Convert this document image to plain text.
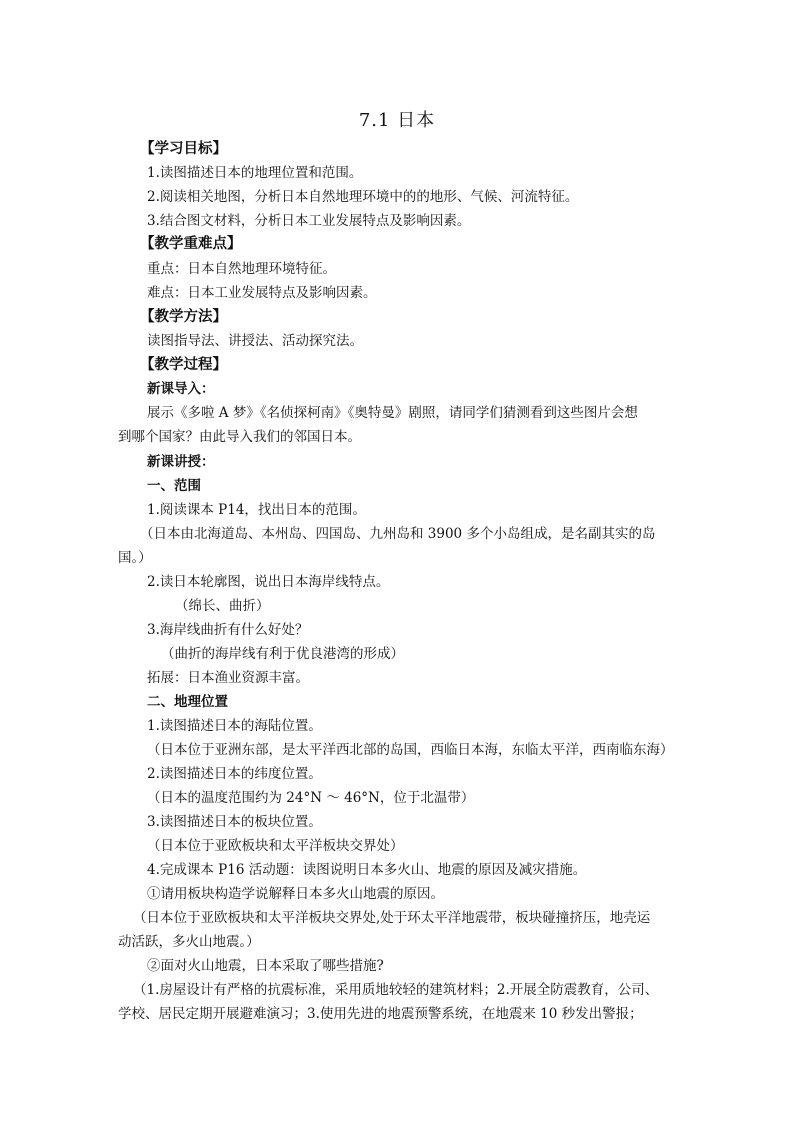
7.1 日本
【学习目标】
1.读图描述日本的地理位置和范围。
2.阅读相关地图，分析日本自然地理环境中的的地形、气候、河流特征。
3.结合图文材料，分析日本工业发展特点及影响因素。
【教学重难点】
重点：日本自然地理环境特征。
难点：日本工业发展特点及影响因素。
【教学方法】
读图指导法、讲授法、活动探究法。
【教学过程】
新课导入：
展示《多啦 A 梦》《名侦探柯南》《奥特曼》剧照，请同学们猜测看到这些图片会想
到哪个国家？由此导入我们的邻国日本。
新课讲授：
一、范围
1.阅读课本 P14，找出日本的范围。
（日本由北海道岛、本州岛、四国岛、九州岛和 3900 多个小岛组成，是名副其实的岛
国。）
2.读日本轮廓图，说出日本海岸线特点。
（绵长、曲折）
3.海岸线曲折有什么好处？
（曲折的海岸线有利于优良港湾的形成）
拓展：日本渔业资源丰富。
二、地理位置
1.读图描述日本的海陆位置。
（日本位于亚洲东部，是太平洋西北部的岛国，西临日本海，东临太平洋，西南临东海）
2.读图描述日本的纬度位置。
（日本的温度范围约为 24°N ～ 46°N，位于北温带）
3.读图描述日本的板块位置。
（日本位于亚欧板块和太平洋板块交界处）
4.完成课本 P16 活动题：读图说明日本多火山、地震的原因及减灾措施。
①请用板块构造学说解释日本多火山地震的原因。
（日本位于亚欧板块和太平洋板块交界处,处于环太平洋地震带，板块碰撞挤压，地壳运
动活跃，多火山地震。）
②面对火山地震，日本采取了哪些措施?
（1.房屋设计有严格的抗震标准，采用质地较轻的建筑材料；2.开展全防震教育，公司、
学校、居民定期开展避难演习；3.使用先进的地震预警系统，在地震来 10 秒发出警报；
